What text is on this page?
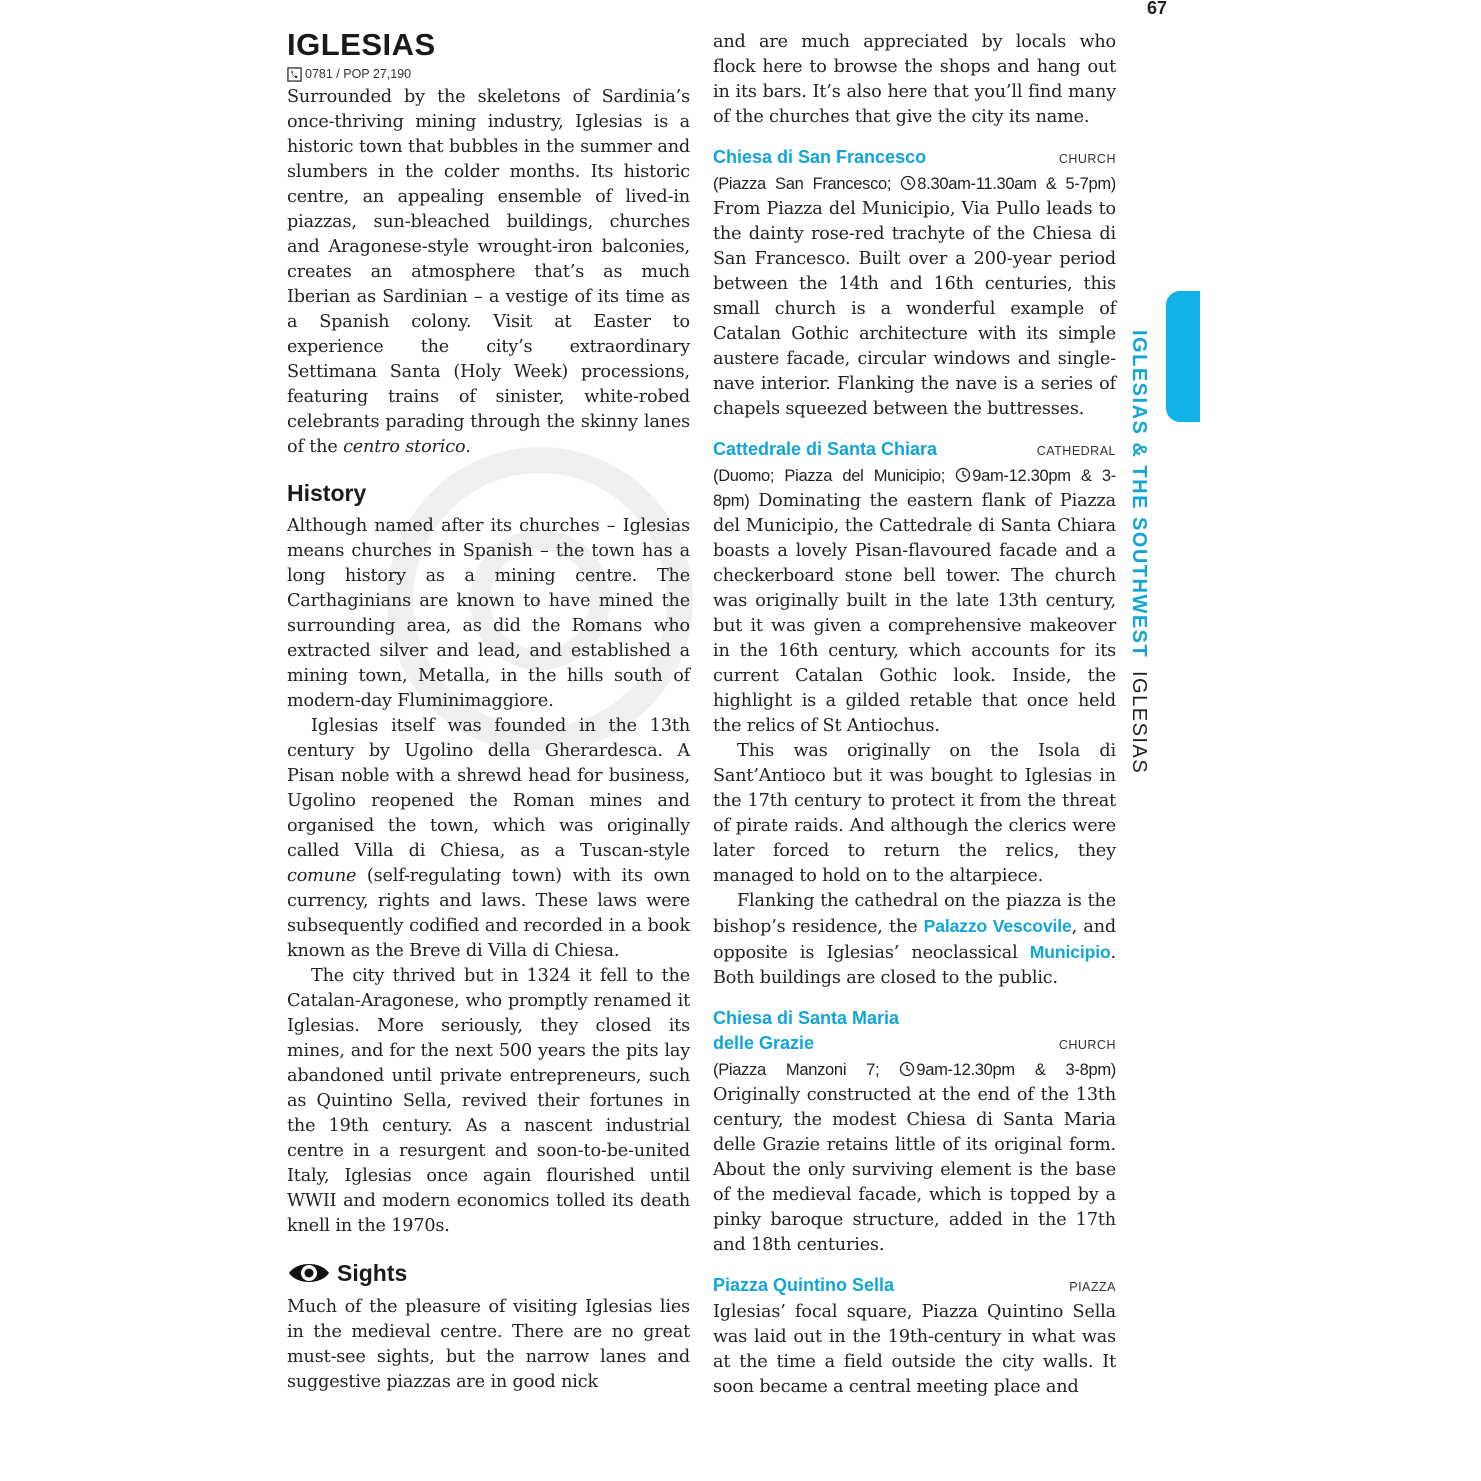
67
IGLESIAS
0781 / POP 27,190

Surrounded by the skeletons of Sardinia’s once-thriving mining industry, Iglesias is a historic town that bubbles in the summer and slumbers in the colder months. Its historic centre, an appealing ensemble of lived-in piazzas, sun-bleached buildings, churches and Aragonese-style wrought-iron balconies, creates an atmosphere that’s as much Iberian as Sardinian – a vestige of its time as a Spanish colony. Visit at Easter to experience the city’s extraordinary Settimana Santa (Holy Week) processions, featuring trains of sinister, white-robed celebrants parading through the skinny lanes of the centro storico.

History

Although named after its churches – Iglesias means churches in Spanish – the town has a long history as a mining centre. The Carthaginians are known to have mined the surrounding area, as did the Romans who extracted silver and lead, and established a mining town, Metalla, in the hills south of modern-day Fluminimaggiore.

Iglesias itself was founded in the 13th century by Ugolino della Gherardesca. A Pisan noble with a shrewd head for business, Ugolino reopened the Roman mines and organised the town, which was originally called Villa di Chiesa, as a Tuscan-style comune (self-regulating town) with its own currency, rights and laws. These laws were subsequently codified and recorded in a book known as the Breve di Villa di Chiesa.

The city thrived but in 1324 it fell to the Catalan-Aragonese, who promptly renamed it Iglesias. More seriously, they closed its mines, and for the next 500 years the pits lay abandoned until private entrepreneurs, such as Quintino Sella, revived their fortunes in the 19th century. As a nascent industrial centre in a resurgent and soon-to-be-united Italy, Iglesias once again flourished until WWII and modern economics tolled its death knell in the 1970s.

Sights

Much of the pleasure of visiting Iglesias lies in the medieval centre. There are no great must-see sights, but the narrow lanes and suggestive piazzas are in good nick

and are much appreciated by locals who flock here to browse the shops and hang out in its bars. It’s also here that you’ll find many of the churches that give the city its name.

Chiesa di San Francesco	CHURCH

(Piazza San Francesco; 8.30am-11.30am & 5-7pm) From Piazza del Municipio, Via Pullo leads to the dainty rose-red trachyte of the Chiesa di San Francesco. Built over a 200-year period between the 14th and 16th centuries, this small church is a wonderful example of Catalan Gothic architecture with its simple austere facade, circular windows and single-nave interior. Flanking the nave is a series of chapels squeezed between the buttresses.

Cattedrale di Santa Chiara	CATHEDRAL

(Duomo; Piazza del Municipio; 9am-12.30pm & 3-8pm) Dominating the eastern flank of Piazza del Municipio, the Cattedrale di Santa Chiara boasts a lovely Pisan-flavoured facade and a checkerboard stone bell tower. The church was originally built in the late 13th century, but it was given a comprehensive makeover in the 16th century, which accounts for its current Catalan Gothic look. Inside, the highlight is a gilded retable that once held the relics of St Antiochus.

This was originally on the Isola di Sant’Antioco but it was bought to Iglesias in the 17th century to protect it from the threat of pirate raids. And although the clerics were later forced to return the relics, they managed to hold on to the altarpiece.

Flanking the cathedral on the piazza is the bishop’s residence, the Palazzo Vescovile, and opposite is Iglesias’ neoclassical Municipio. Both buildings are closed to the public.

Chiesa di Santa Maria
delle Grazie	CHURCH

(Piazza Manzoni 7; 9am-12.30pm & 3-8pm) Originally constructed at the end of the 13th century, the modest Chiesa di Santa Maria delle Grazie retains little of its original form. About the only surviving element is the base of the medieval facade, which is topped by a pinky baroque structure, added in the 17th and 18th centuries.

Piazza Quintino Sella	PIAZZA

Iglesias’ focal square, Piazza Quintino Sella was laid out in the 19th-century in what was at the time a field outside the city walls. It soon became a central meeting place and

IGLESIAS & THE SOUTHWEST IGLESIAS
